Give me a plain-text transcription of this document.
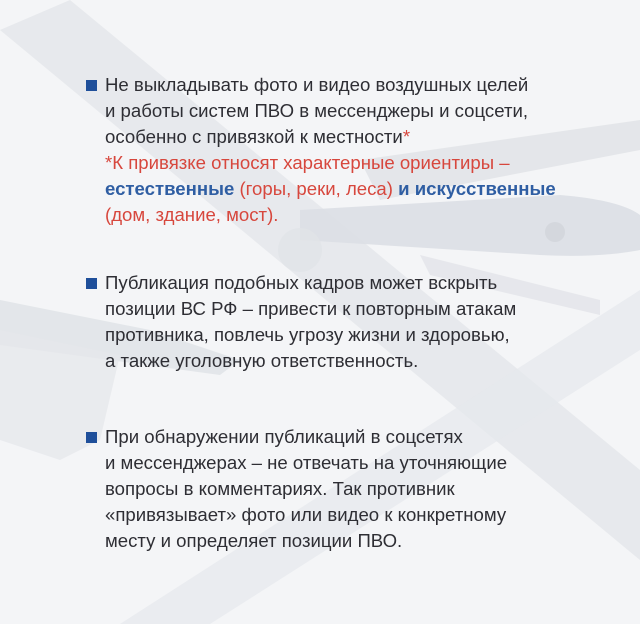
Не выкладывать фото и видео воздушных целей

и работы систем ПВО в мессенджеры и соцсети,

особенно с привязкой к местности*

*К привязке относят характерные ориентиры –

естественные (горы, реки, леса) и искусственные

(дом, здание, мост).

Публикация подобных кадров может вскрыть

позиции ВС РФ – привести к повторным атакам

противника, повлечь угрозу жизни и здоровью,

а также уголовную ответственность.

При обнаружении публикаций в соцсетях

и мессенджерах – не отвечать на уточняющие

вопросы в комментариях. Так противник

«привязывает» фото или видео к конкретному

месту и определяет позиции ПВО.
